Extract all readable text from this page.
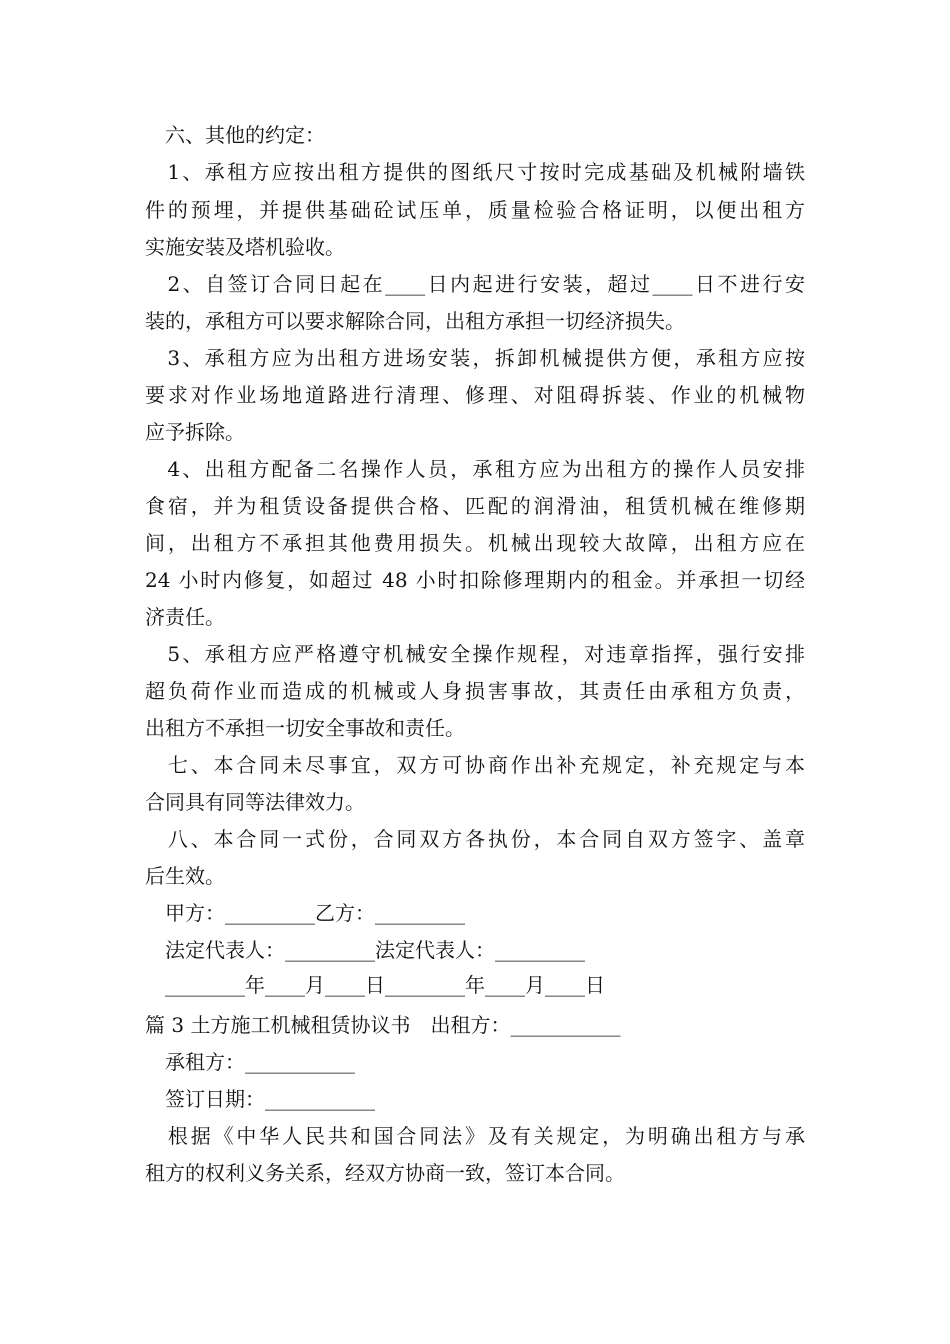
　六、其他的约定：

　1、承租方应按出租方提供的图纸尺寸按时完成基础及机械附墙铁

件的预埋，并提供基础砼试压单，质量检验合格证明，以便出租方

实施安装及塔机验收。

　2、自签订合同日起在____日内起进行安装，超过____日不进行安

装的，承租方可以要求解除合同，出租方承担一切经济损失。

　3、承租方应为出租方进场安装，拆卸机械提供方便，承租方应按

要求对作业场地道路进行清理、修理、对阻碍拆装、作业的机械物

应予拆除。

　4、出租方配备二名操作人员，承租方应为出租方的操作人员安排

食宿，并为租赁设备提供合格、匹配的润滑油，租赁机械在维修期

间，出租方不承担其他费用损失。机械出现较大故障，出租方应在

24 小时内修复，如超过 48 小时扣除修理期内的租金。并承担一切经

济责任。

　5、承租方应严格遵守机械安全操作规程，对违章指挥，强行安排

超负荷作业而造成的机械或人身损害事故，其责任由承租方负责，

出租方不承担一切安全事故和责任。

　七、本合同未尽事宜，双方可协商作出补充规定，补充规定与本

合同具有同等法律效力。

　八、本合同一式份，合同双方各执份，本合同自双方签字、盖章

后生效。

　甲方：_________乙方：_________

　法定代表人：_________法定代表人：_________

　________年____月____日________年____月____日

篇 3 土方施工机械租赁协议书　出租方：___________

　承租方：___________

　签订日期：___________

　根据《中华人民共和国合同法》及有关规定，为明确出租方与承

租方的权利义务关系，经双方协商一致，签订本合同。
